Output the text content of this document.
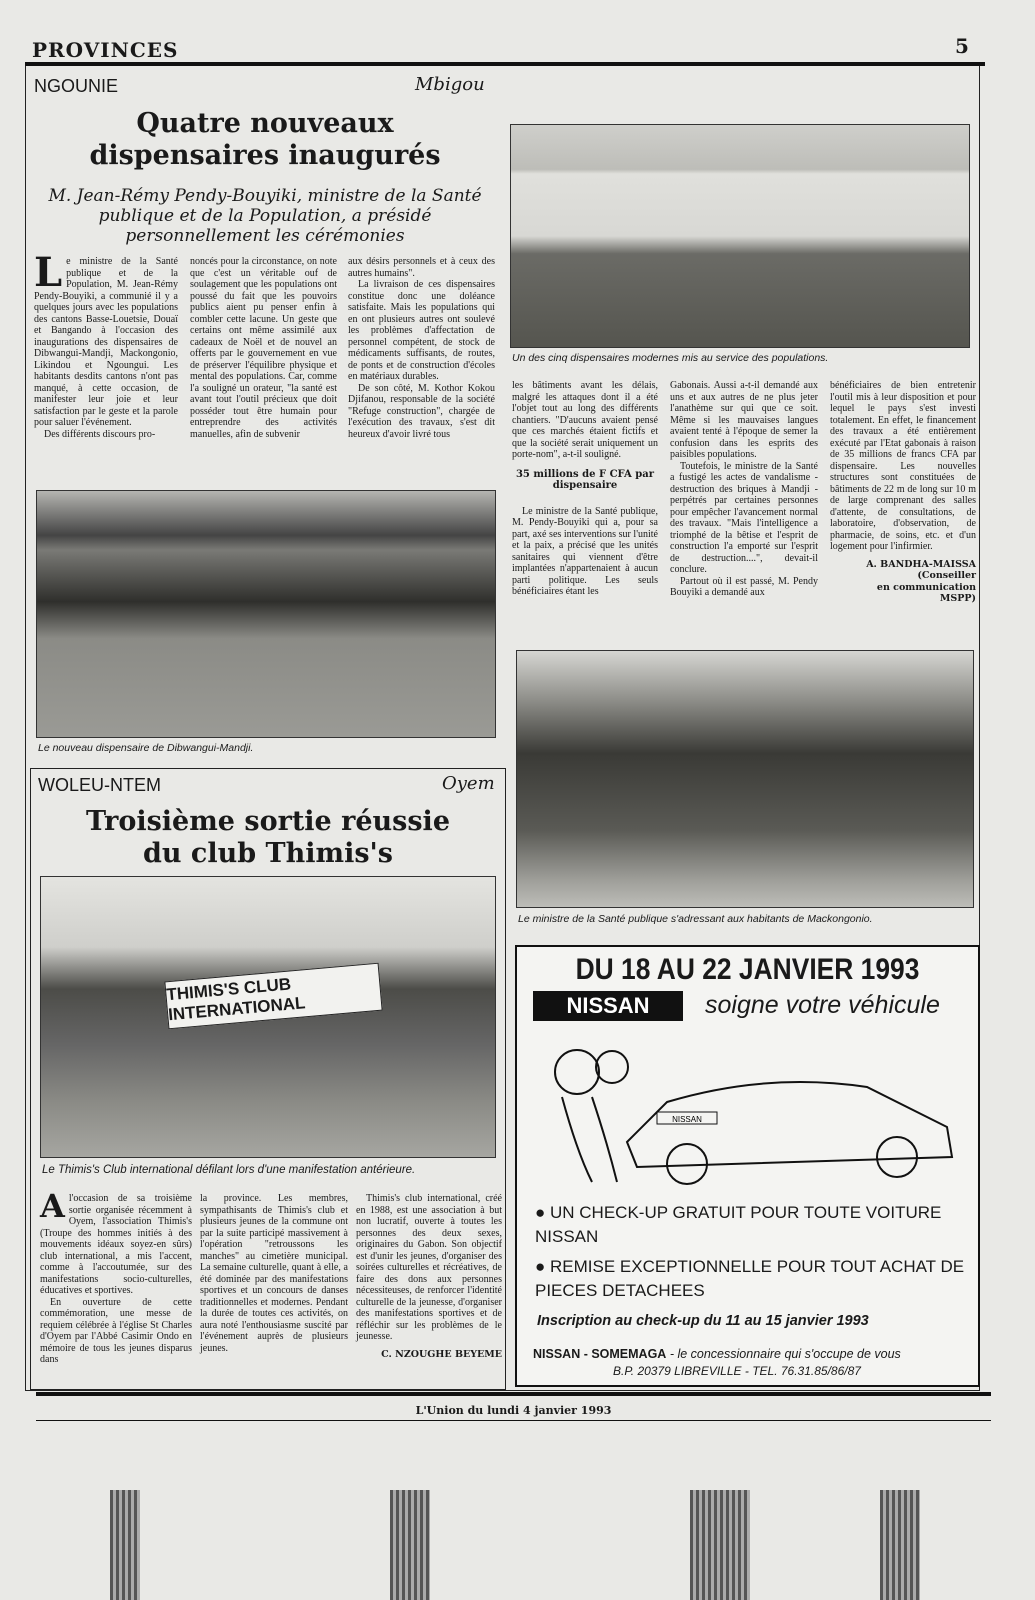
PROVINCES	5
NGOUNIE	Mbigou
Quatre nouveaux
dispensaires inaugurés
M. Jean-Rémy Pendy-Bouyiki, ministre de la Santé publique et de la Population, a présidé personnellement les cérémonies
Un des cinq dispensaires modernes mis au service des populations.

Le ministre de la Santé publique et de la Population, M. Jean-Rémy Pendy-Bouyiki, a communié il y a quelques jours avec les populations des cantons Basse-Louetsie, Douaï et Bangando à l'occasion des inaugurations des dispensaires de Dibwangui-Mandji, Mackongonio, Likindou et Ngoungui. Les habitants desdits cantons n'ont pas manqué, à cette occasion, de manifester leur joie et leur satisfaction par le geste et la parole pour saluer l'événement.

Des différents discours pro-

noncés pour la circonstance, on note que c'est un véritable ouf de soulagement que les populations ont poussé du fait que les pouvoirs publics aient pu penser enfin à combler cette lacune. Un geste que certains ont même assimilé aux cadeaux de Noël et de nouvel an offerts par le gouvernement en vue de préserver l'équilibre physique et mental des populations. Car, comme l'a souligné un orateur, "la santé est avant tout l'outil précieux que doit posséder tout être humain pour entreprendre des activités manuelles, afin de subvenir

aux désirs personnels et à ceux des autres humains".

La livraison de ces dispensaires constitue donc une doléance satisfaite. Mais les populations qui en ont plusieurs autres ont soulevé les problèmes d'affectation de personnel compétent, de stock de médicaments suffisants, de routes, de ponts et de construction d'écoles en matériaux durables.

De son côté, M. Kothor Kokou Djifanou, responsable de la société "Refuge construction", chargée de l'exécution des travaux, s'est dit heureux d'avoir livré tous

Le nouveau dispensaire de Dibwangui-Mandji.

les bâtiments avant les délais, malgré les attaques dont il a été l'objet tout au long des différents chantiers. "D'aucuns avaient pensé que ces marchés étaient fictifs et que la société serait uniquement un porte-nom", a-t-il souligné.

35 millions de F CFA par dispensaire

Le ministre de la Santé publique, M. Pendy-Bouyiki qui a, pour sa part, axé ses interventions sur l'unité et la paix, a précisé que les unités sanitaires qui viennent d'être implantées n'appartenaient à aucun parti politique. Les seuls bénéficiaires étant les

Gabonais. Aussi a-t-il demandé aux uns et aux autres de ne plus jeter l'anathème sur qui que ce soit. Même si les mauvaises langues avaient tenté à l'époque de semer la confusion dans les esprits des paisibles populations.

Toutefois, le ministre de la Santé a fustigé les actes de vandalisme - destruction des briques à Mandji - perpétrés par certaines personnes pour empêcher l'avancement normal des travaux. "Mais l'intelligence a triomphé de la bêtise et l'esprit de construction l'a emporté sur l'esprit de destruction....", devait-il conclure.

Partout où il est passé, M. Pendy Bouyiki a demandé aux

bénéficiaires de bien entretenir l'outil mis à leur disposition et pour lequel le pays s'est investi totalement. En effet, le financement des travaux a été entièrement exécuté par l'Etat gabonais à raison de 35 millions de francs CFA par dispensaire. Les nouvelles structures sont constituées de bâtiments de 22 m de long sur 10 m de large comprenant des salles d'attente, de consultations, de laboratoire, d'observation, de pharmacie, de soins, etc. et d'un logement pour l'infirmier.

A. BANDHA-MAISSA
(Conseiller
en communication
MSPP)
Le ministre de la Santé publique s'adressant aux habitants de Mackongonio.
WOLEU-NTEM	Oyem
Troisième sortie réussie
du club Thimis's
THIMIS'S CLUB INTERNATIONAL
Le Thimis's Club international défilant lors d'une manifestation antérieure.

Al'occasion de sa troisième sortie organisée récemment à Oyem, l'association Thimis's (Troupe des hommes initiés à des mouvements idéaux soyez-en sûrs) club international, a mis l'accent, comme à l'accoutumée, sur des manifestations socio-culturelles, éducatives et sportives.

En ouverture de cette commémoration, une messe de requiem célébrée à l'église St Charles d'Oyem par l'Abbé Casimir Ondo en mémoire de tous les jeunes disparus dans

la province. Les membres, sympathisants de Thimis's club et plusieurs jeunes de la commune ont par la suite participé massivement à l'opération "retroussons les manches" au cimetière municipal. La semaine culturelle, quant à elle, a été dominée par des manifestations sportives et un concours de danses traditionnelles et modernes. Pendant la durée de toutes ces activités, on aura noté l'enthousiasme suscité par l'événement auprès de plusieurs jeunes.

Thimis's club international, créé en 1988, est une association à but non lucratif, ouverte à toutes les personnes des deux sexes, originaires du Gabon. Son objectif est d'unir les jeunes, d'organiser des soirées culturelles et récréatives, de faire des dons aux personnes nécessiteuses, de renforcer l'identité culturelle de la jeunesse, d'organiser des manifestations sportives et de réfléchir sur les problèmes de le jeunesse.

C. NZOUGHE BEYEME
DU 18 AU 22 JANVIER 1993
NISSAN	soigne votre véhicule
NISSAN
● UN CHECK-UP GRATUIT POUR TOUTE VOITURE NISSAN
● REMISE EXCEPTIONNELLE POUR TOUT ACHAT DE PIECES DETACHEES
Inscription au check-up du 11 au 15 janvier 1993
NISSAN - SOMEMAGA - le concessionnaire qui s'occupe de vous
B.P. 20379 LIBREVILLE - TEL. 76.31.85/86/87
L'Union du lundi 4 janvier 1993
